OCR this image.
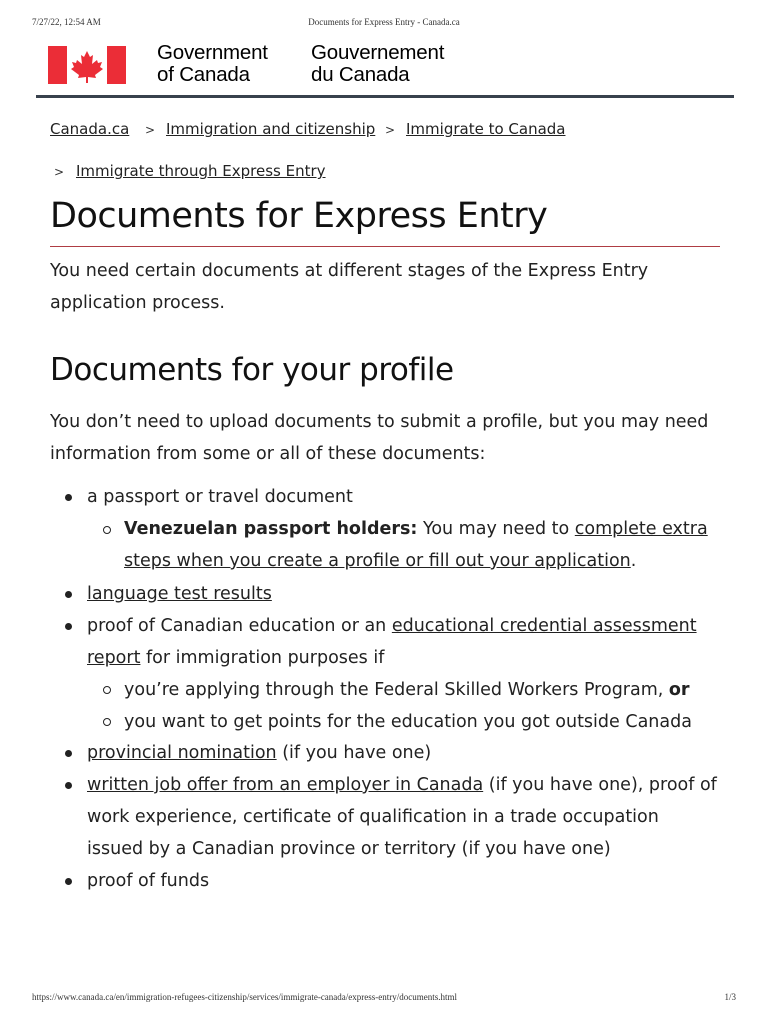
7/27/22, 12:54 AM	Documents for Express Entry - Canada.ca
Government
of Canada
Gouvernement
du Canada
Canada.ca > Immigration and citizenship > Immigrate to Canada
> Immigrate through Express Entry
Documents for Express Entry

You need certain documents at different stages of the Express Entry application process.

Documents for your profile

You don’t need to upload documents to submit a profile, but you may need information from some or all of these documents:

a passport or travel document
Venezuelan passport holders: You may need to complete extra steps when you create a profile or fill out your application.
language test results
proof of Canadian education or an educational credential assessment report for immigration purposes if
you’re applying through the Federal Skilled Workers Program, or
you want to get points for the education you got outside Canada
provincial nomination (if you have one)
written job offer from an employer in Canada (if you have one), proof of work experience, certificate of qualification in a trade occupation issued by a Canadian province or territory (if you have one)
proof of funds
https://www.canada.ca/en/immigration-refugees-citizenship/services/immigrate-canada/express-entry/documents.html	1/3
